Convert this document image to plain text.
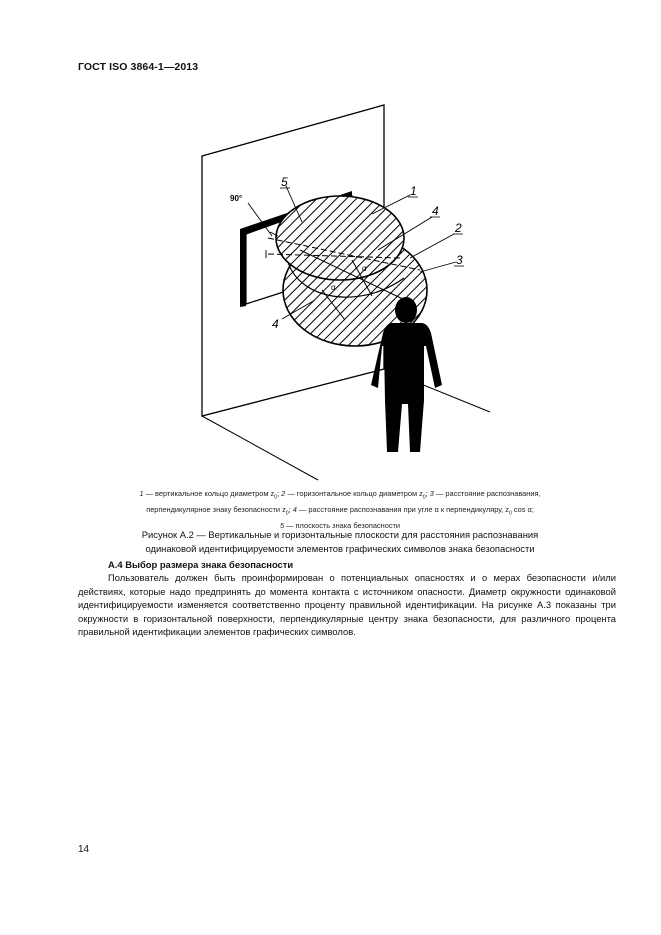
ГОСТ ISO 3864-1—2013
1
4
2
3
4
5
90°
α
α
1 — вертикальное кольцо диаметром $z_0$; 2 — горизонтальное кольцо диаметром $z_0$; 3 — расстояние распознавания,
перпендикулярное знаку безопасности $z_0$; 4 — расстояние распознавания при угле α к перпендикуляру, $z_0$ cos α;
5 — плоскость знака безопасности
Рисунок А.2 — Вертикальные и горизонтальные плоскости для расстояния распознавания
одинаковой идентифицируемости элементов графических символов знака безопасности
А.4 Выбор размера знака безопасности

Пользователь должен быть проинформирован о потенциальных опасностях и о мерах безопасности и/или действиях, которые надо предпринять до момента контакта с источником опасности. Диаметр окружности одинаковой идентифицируемости изменяется соответственно проценту правильной идентификации. На рисунке А.3 показаны три окружности в горизонтальной поверхности, перпендикулярные центру знака безопасности, для различного процента правильной идентификации элементов графических символов.

14
